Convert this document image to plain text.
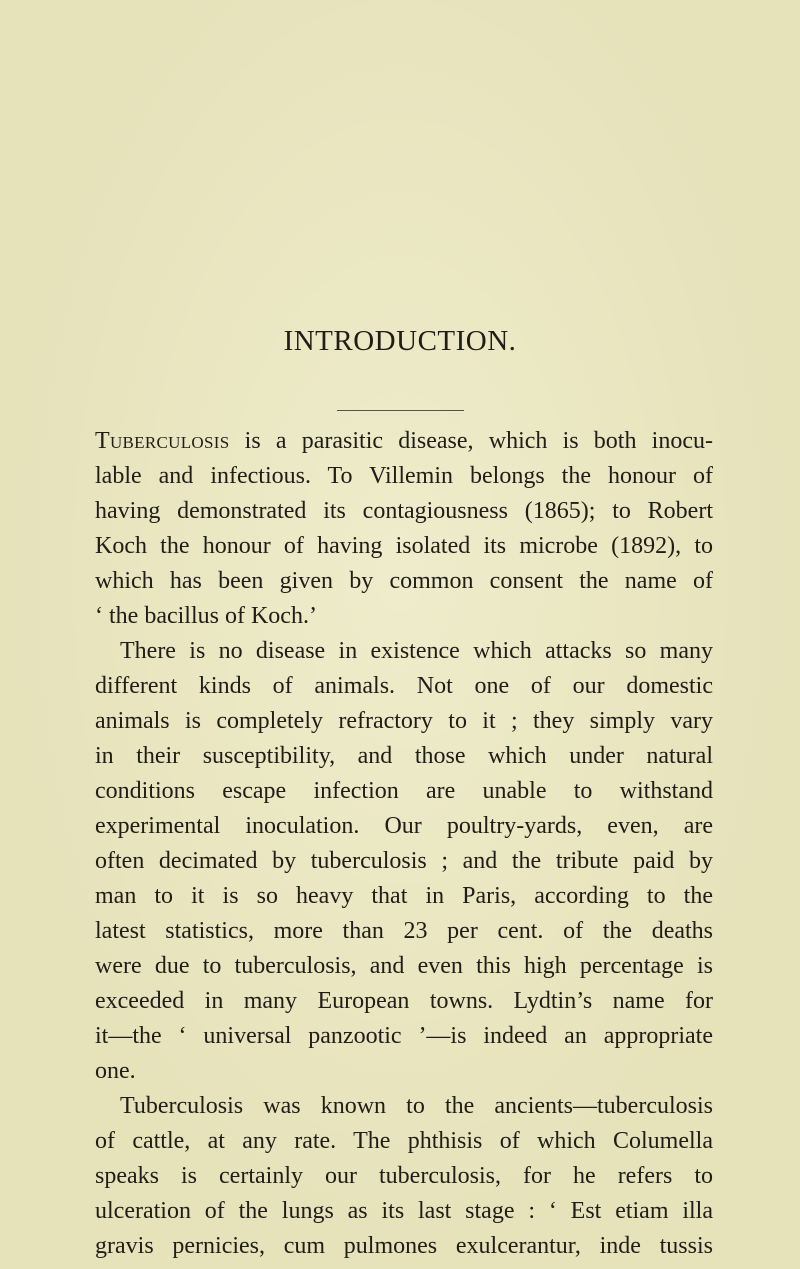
INTRODUCTION.
Tuberculosis is a parasitic disease, which is both inocu-
lable and infectious. To Villemin belongs the honour of
having demonstrated its contagiousness (1865); to Robert
Koch the honour of having isolated its microbe (1892), to
which has been given by common consent the name of
‘ the bacillus of Koch.’
There is no disease in existence which attacks so many
different kinds of animals. Not one of our domestic
animals is completely refractory to it ; they simply vary
in their susceptibility, and those which under natural
conditions escape infection are unable to withstand
experimental inoculation. Our poultry-yards, even, are
often decimated by tuberculosis ; and the tribute paid by
man to it is so heavy that in Paris, according to the
latest statistics, more than 23 per cent. of the deaths
were due to tuberculosis, and even this high percentage is
exceeded in many European towns. Lydtin’s name for
it—the ‘ universal panzootic ’—is indeed an appropriate
one.
Tuberculosis was known to the ancients—tuberculosis
of cattle, at any rate. The phthisis of which Columella
speaks is certainly our tuberculosis, for he refers to
ulceration of the lungs as its last stage : ‘ Est etiam illa
gravis pernicies, cum pulmones exulcerantur, inde tussis
